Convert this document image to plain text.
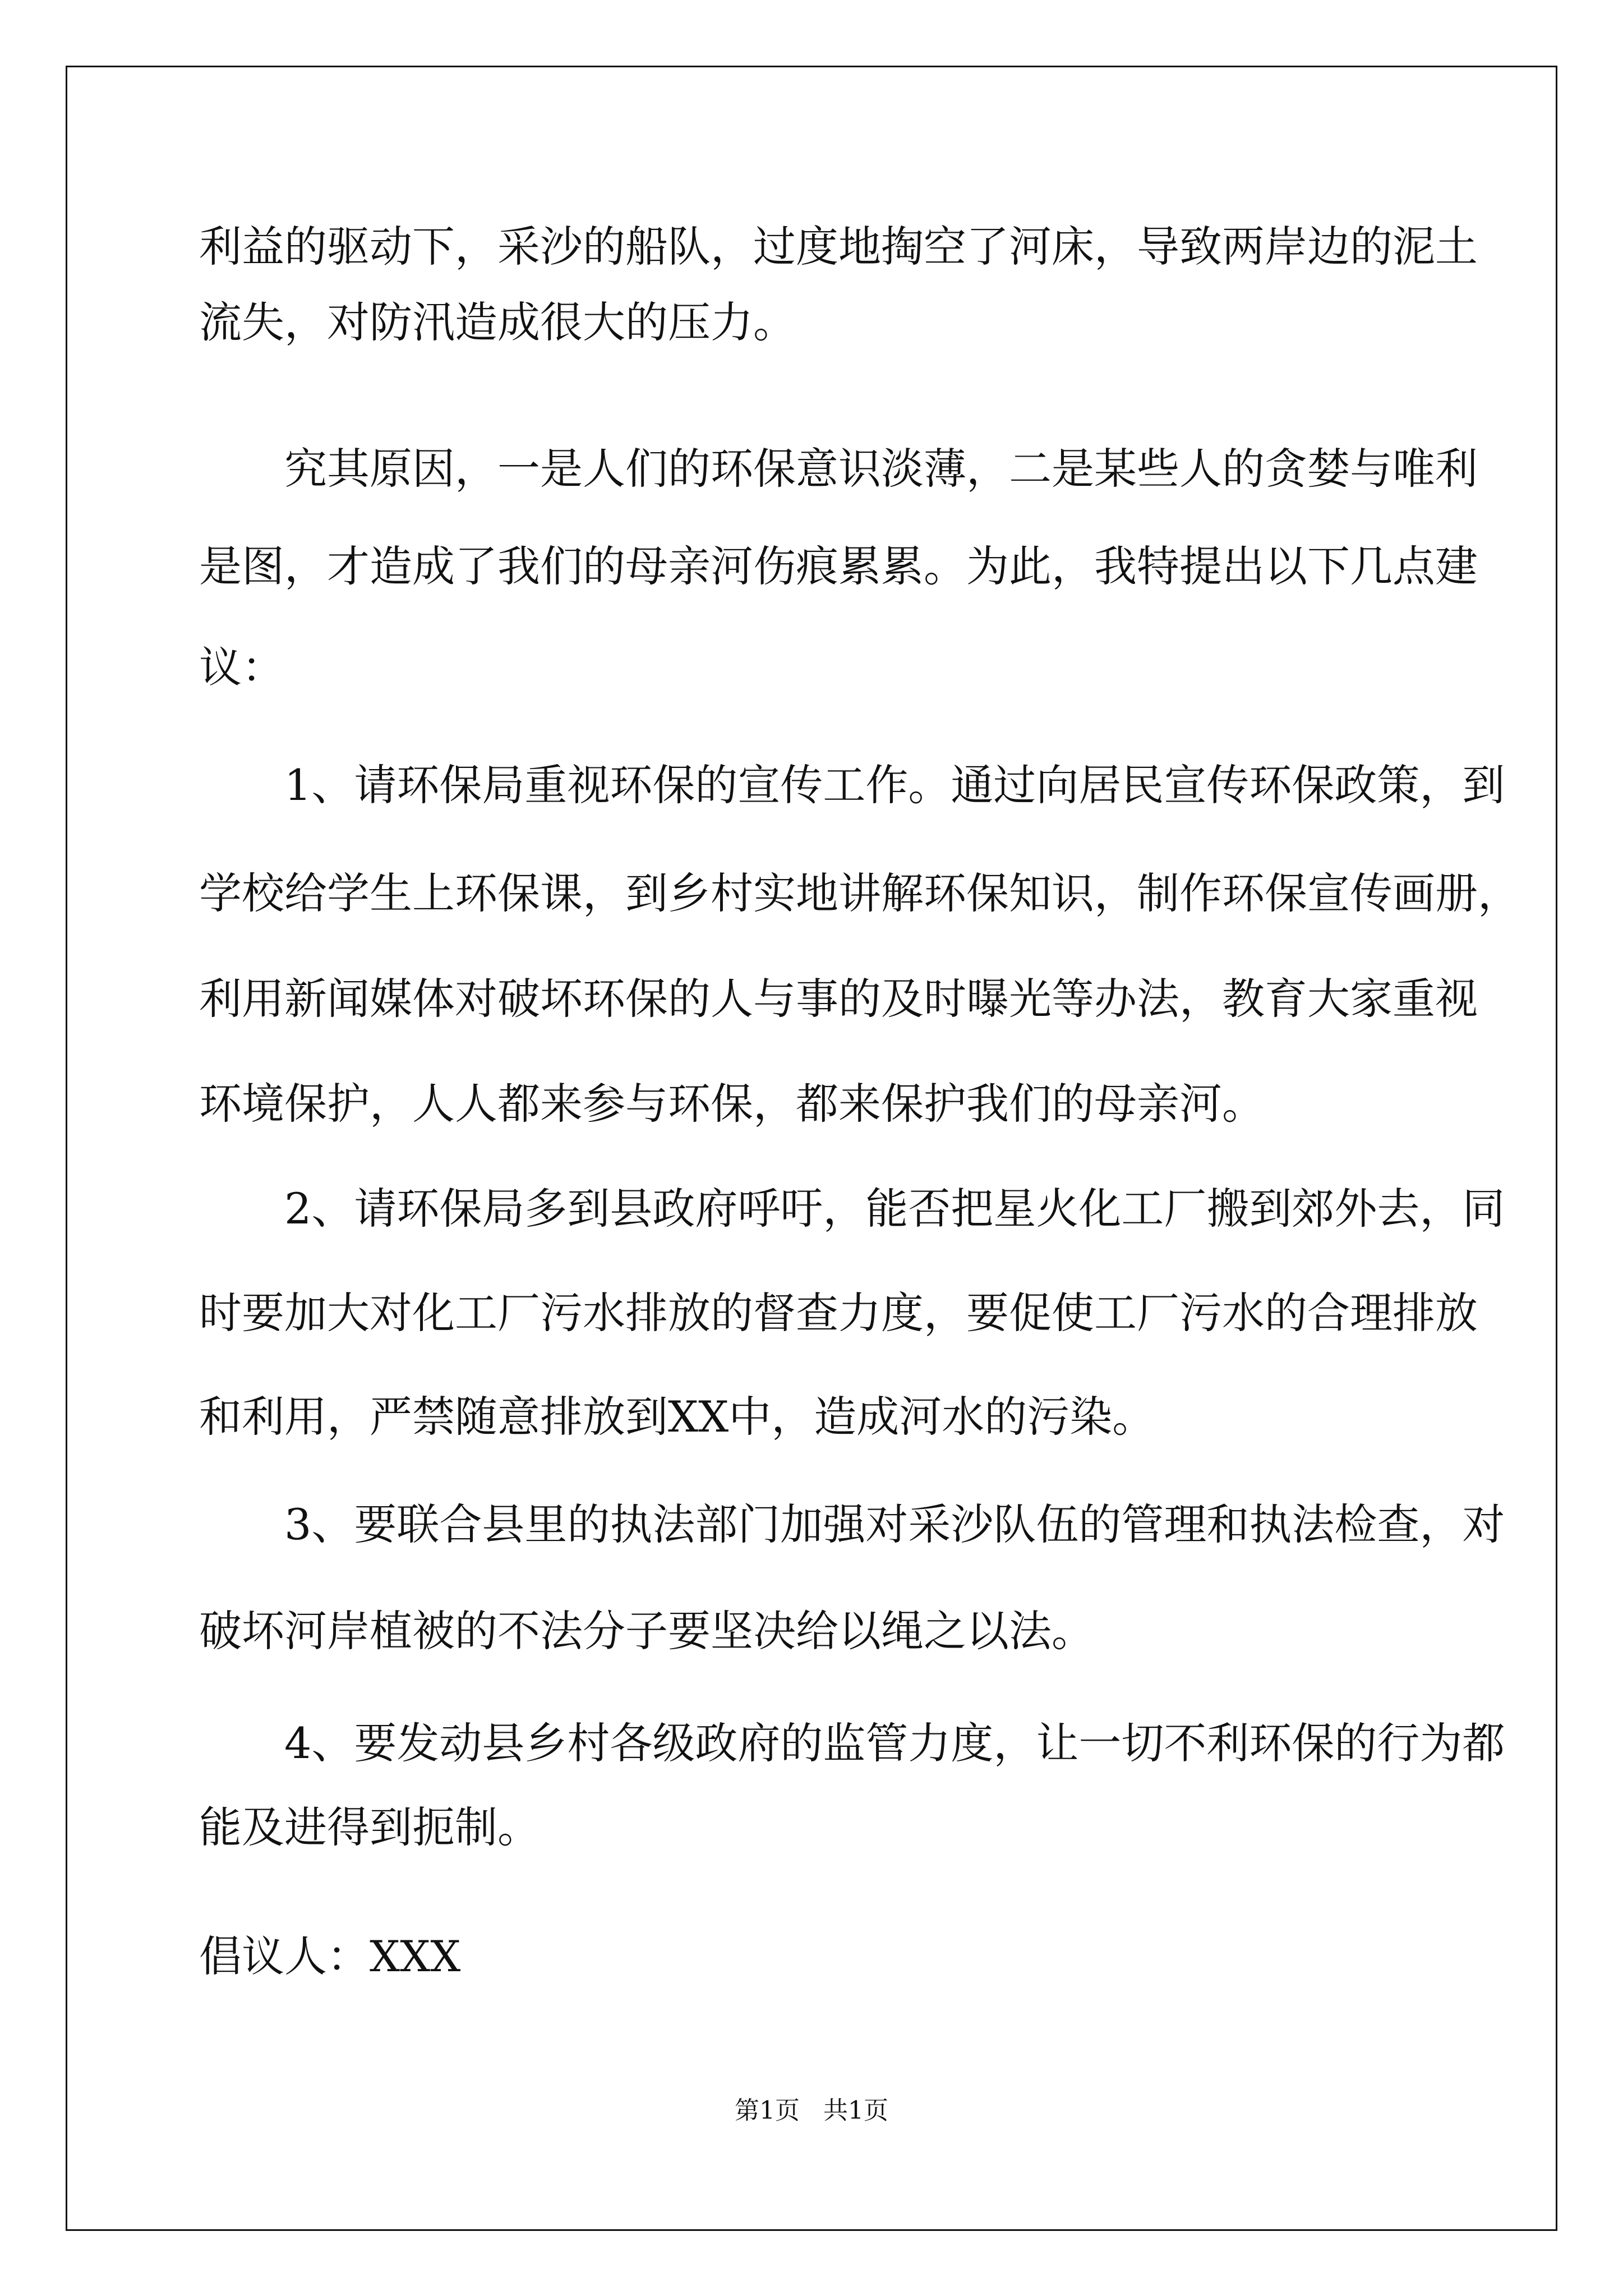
利益的驱动下，采沙的船队，过度地掏空了河床，导致两岸边的泥土
流失，对防汛造成很大的压力。
究其原因，一是人们的环保意识淡薄，二是某些人的贪婪与唯利
是图，才造成了我们的母亲河伤痕累累。为此，我特提出以下几点建
议：
1、请环保局重视环保的宣传工作。通过向居民宣传环保政策，到
学校给学生上环保课，到乡村实地讲解环保知识，制作环保宣传画册，
利用新闻媒体对破坏环保的人与事的及时曝光等办法，教育大家重视
环境保护，人人都来参与环保，都来保护我们的母亲河。
2、请环保局多到县政府呼吁，能否把星火化工厂搬到郊外去，同
时要加大对化工厂污水排放的督查力度，要促使工厂污水的合理排放
和利用，严禁随意排放到XX中，造成河水的污染。
3、要联合县里的执法部门加强对采沙队伍的管理和执法检查，对
破坏河岸植被的不法分子要坚决给以绳之以法。
4、要发动县乡村各级政府的监管力度，让一切不利环保的行为都
能及进得到扼制。
倡议人：XXX
第1页 共1页
